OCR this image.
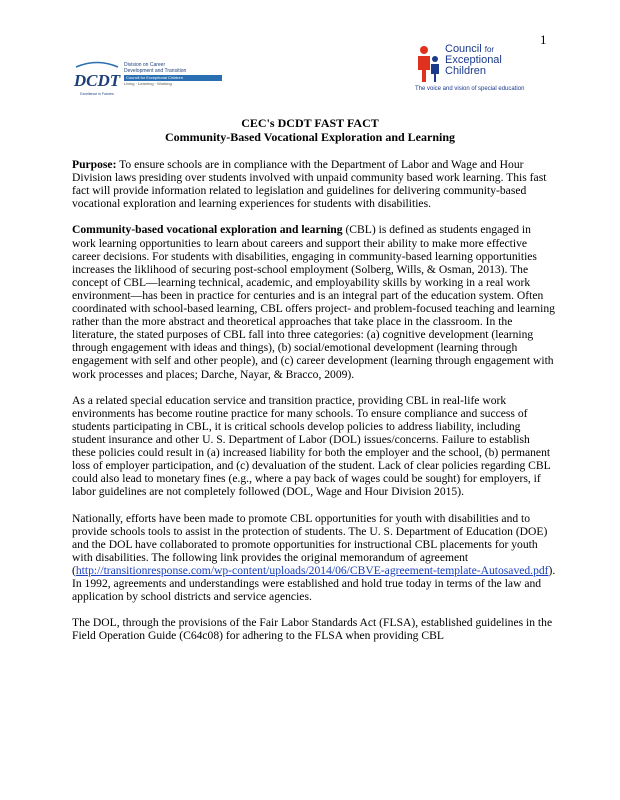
1
DCDT
Excellence in Futures
Division on Career
Development and Transition
Council for Exceptional Children
Living · Learning · Working
Council for
Exceptional
Children
The voice and vision of special education
CEC's DCDT FAST FACT
Community-Based Vocational Exploration and Learning

Purpose: To ensure schools are in compliance with the Department of Labor and Wage and Hour Division laws presiding over students involved with unpaid community based work learning. This fast fact will provide information related to legislation and guidelines for delivering community-based vocational exploration and learning experiences for students with disabilities.

Community-based vocational exploration and learning (CBL) is defined as students engaged in work learning opportunities to learn about careers and support their ability to make more effective career decisions. For students with disabilities, engaging in community-based learning opportunities increases the liklihood of securing post-school employment (Solberg, Wills, & Osman, 2013). The concept of CBL—learning technical, academic, and employability skills by working in a real work environment—has been in practice for centuries and is an integral part of the education system. Often coordinated with school-based learning, CBL offers project- and problem-focused teaching and learning rather than the more abstract and theoretical approaches that take place in the classroom. In the literature, the stated purposes of CBL fall into three categories: (a) cognitive development (learning through engagement with ideas and things), (b) social/emotional development (learning through engagement with self and other people), and (c) career development (learning through engagement with work processes and places; Darche, Nayar, & Bracco, 2009).

As a related special education service and transition practice, providing CBL in real-life work environments has become routine practice for many schools. To ensure compliance and success of students participating in CBL, it is critical schools develop policies to address liability, including student insurance and other U. S. Department of Labor (DOL) issues/concerns. Failure to establish these policies could result in (a) increased liability for both the employer and the school, (b) permanent loss of employer participation, and (c) devaluation of the student. Lack of clear policies regarding CBL could also lead to monetary fines (e.g., where a pay back of wages could be sought) for employers, if labor guidelines are not completely followed (DOL, Wage and Hour Division 2015).

Nationally, efforts have been made to promote CBL opportunities for youth with disabilities and to provide schools tools to assist in the protection of students. The U. S. Department of Education (DOE) and the DOL have collaborated to promote opportunities for instructional CBL placements for youth with disabilities. The following link provides the original memorandum of agreement (http://transitionresponse.com/wp-content/uploads/2014/06/CBVE-agreement-template-Autosaved.pdf). In 1992, agreements and understandings were established and hold true today in terms of the law and application by school districts and service agencies.

The DOL, through the provisions of the Fair Labor Standards Act (FLSA), established guidelines in the Field Operation Guide (C64c08) for adhering to the FLSA when providing CBL
